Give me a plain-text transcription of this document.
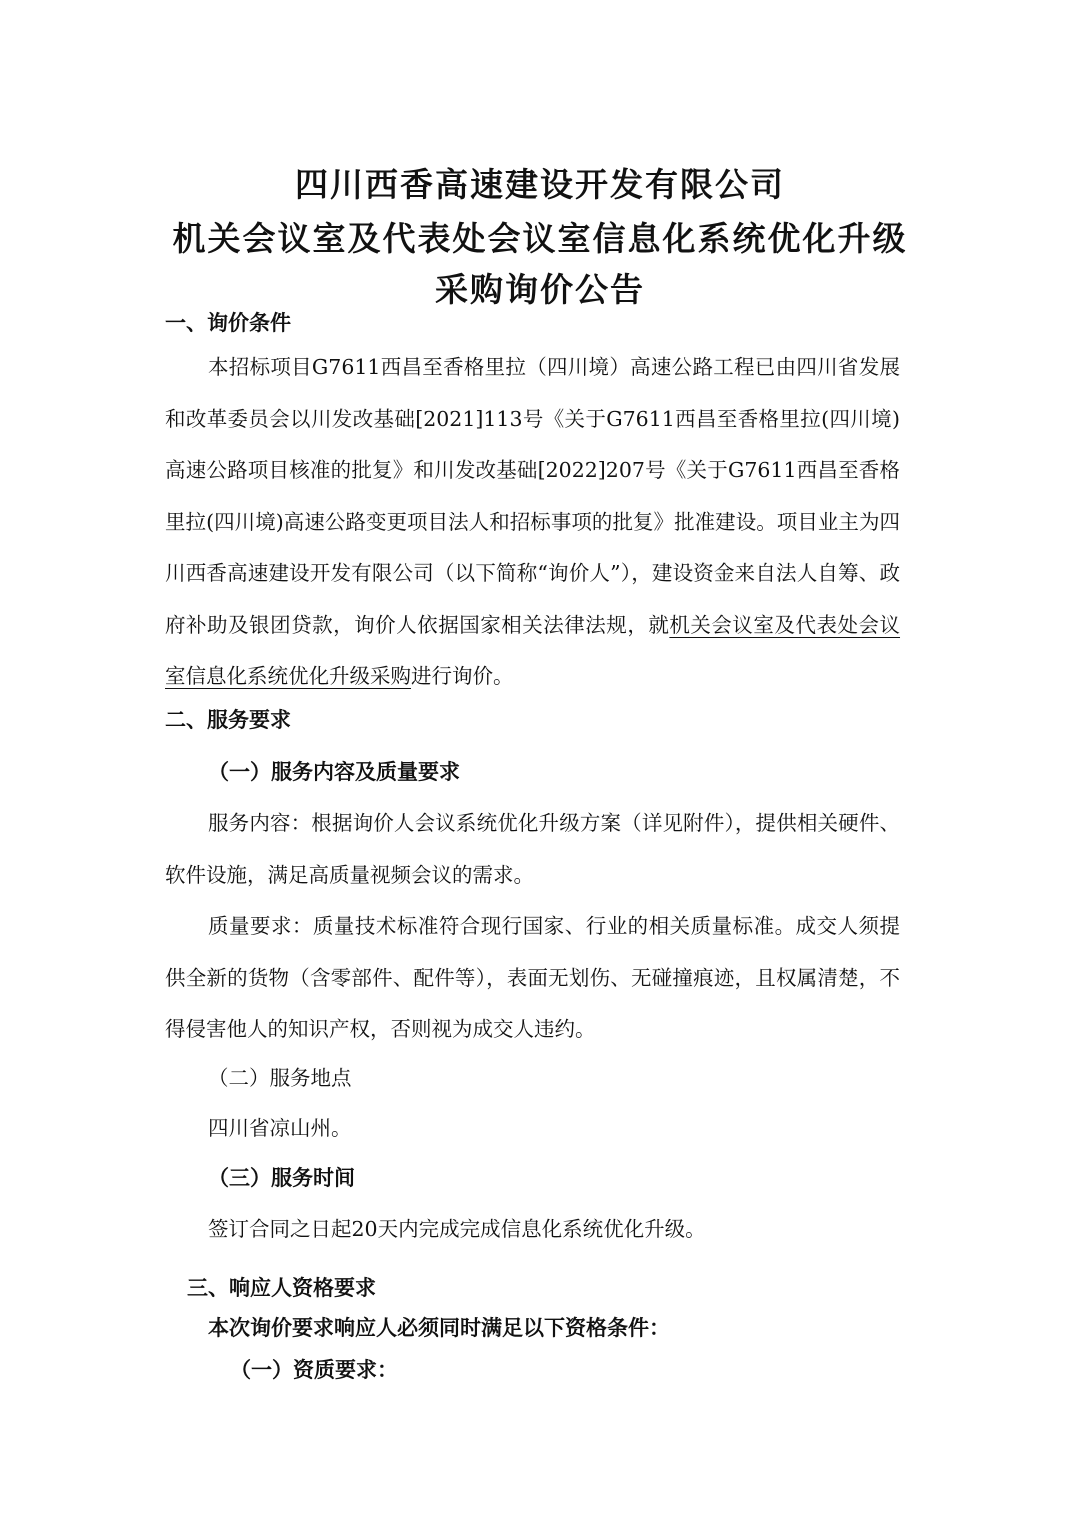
四川西香高速建设开发有限公司
机关会议室及代表处会议室信息化系统优化升级
采购询价公告
一、询价条件

本招标项目G7611西昌至香格里拉（四川境）高速公路工程已由四川省发展和改革委员会以川发改基础[2021]113号《关于G7611西昌至香格里拉(四川境)高速公路项目核准的批复》和川发改基础[2022]207号《关于G7611西昌至香格里拉(四川境)高速公路变更项目法人和招标事项的批复》批准建设。项目业主为四川西香高速建设开发有限公司（以下简称“询价人”），建设资金来自法人自筹、政府补助及银团贷款，询价人依据国家相关法律法规，就机关会议室及代表处会议室信息化系统优化升级采购进行询价。

二、服务要求
（一）服务内容及质量要求

服务内容：根据询价人会议系统优化升级方案（详见附件），提供相关硬件、软件设施，满足高质量视频会议的需求。

质量要求：质量技术标准符合现行国家、行业的相关质量标准。成交人须提供全新的货物（含零部件、配件等），表面无划伤、无碰撞痕迹，且权属清楚，不得侵害他人的知识产权，否则视为成交人违约。

（二）服务地点

四川省凉山州。

（三）服务时间

签订合同之日起20天内完成完成信息化系统优化升级。

三、响应人资格要求
本次询价要求响应人必须同时满足以下资格条件：
（一）资质要求：
